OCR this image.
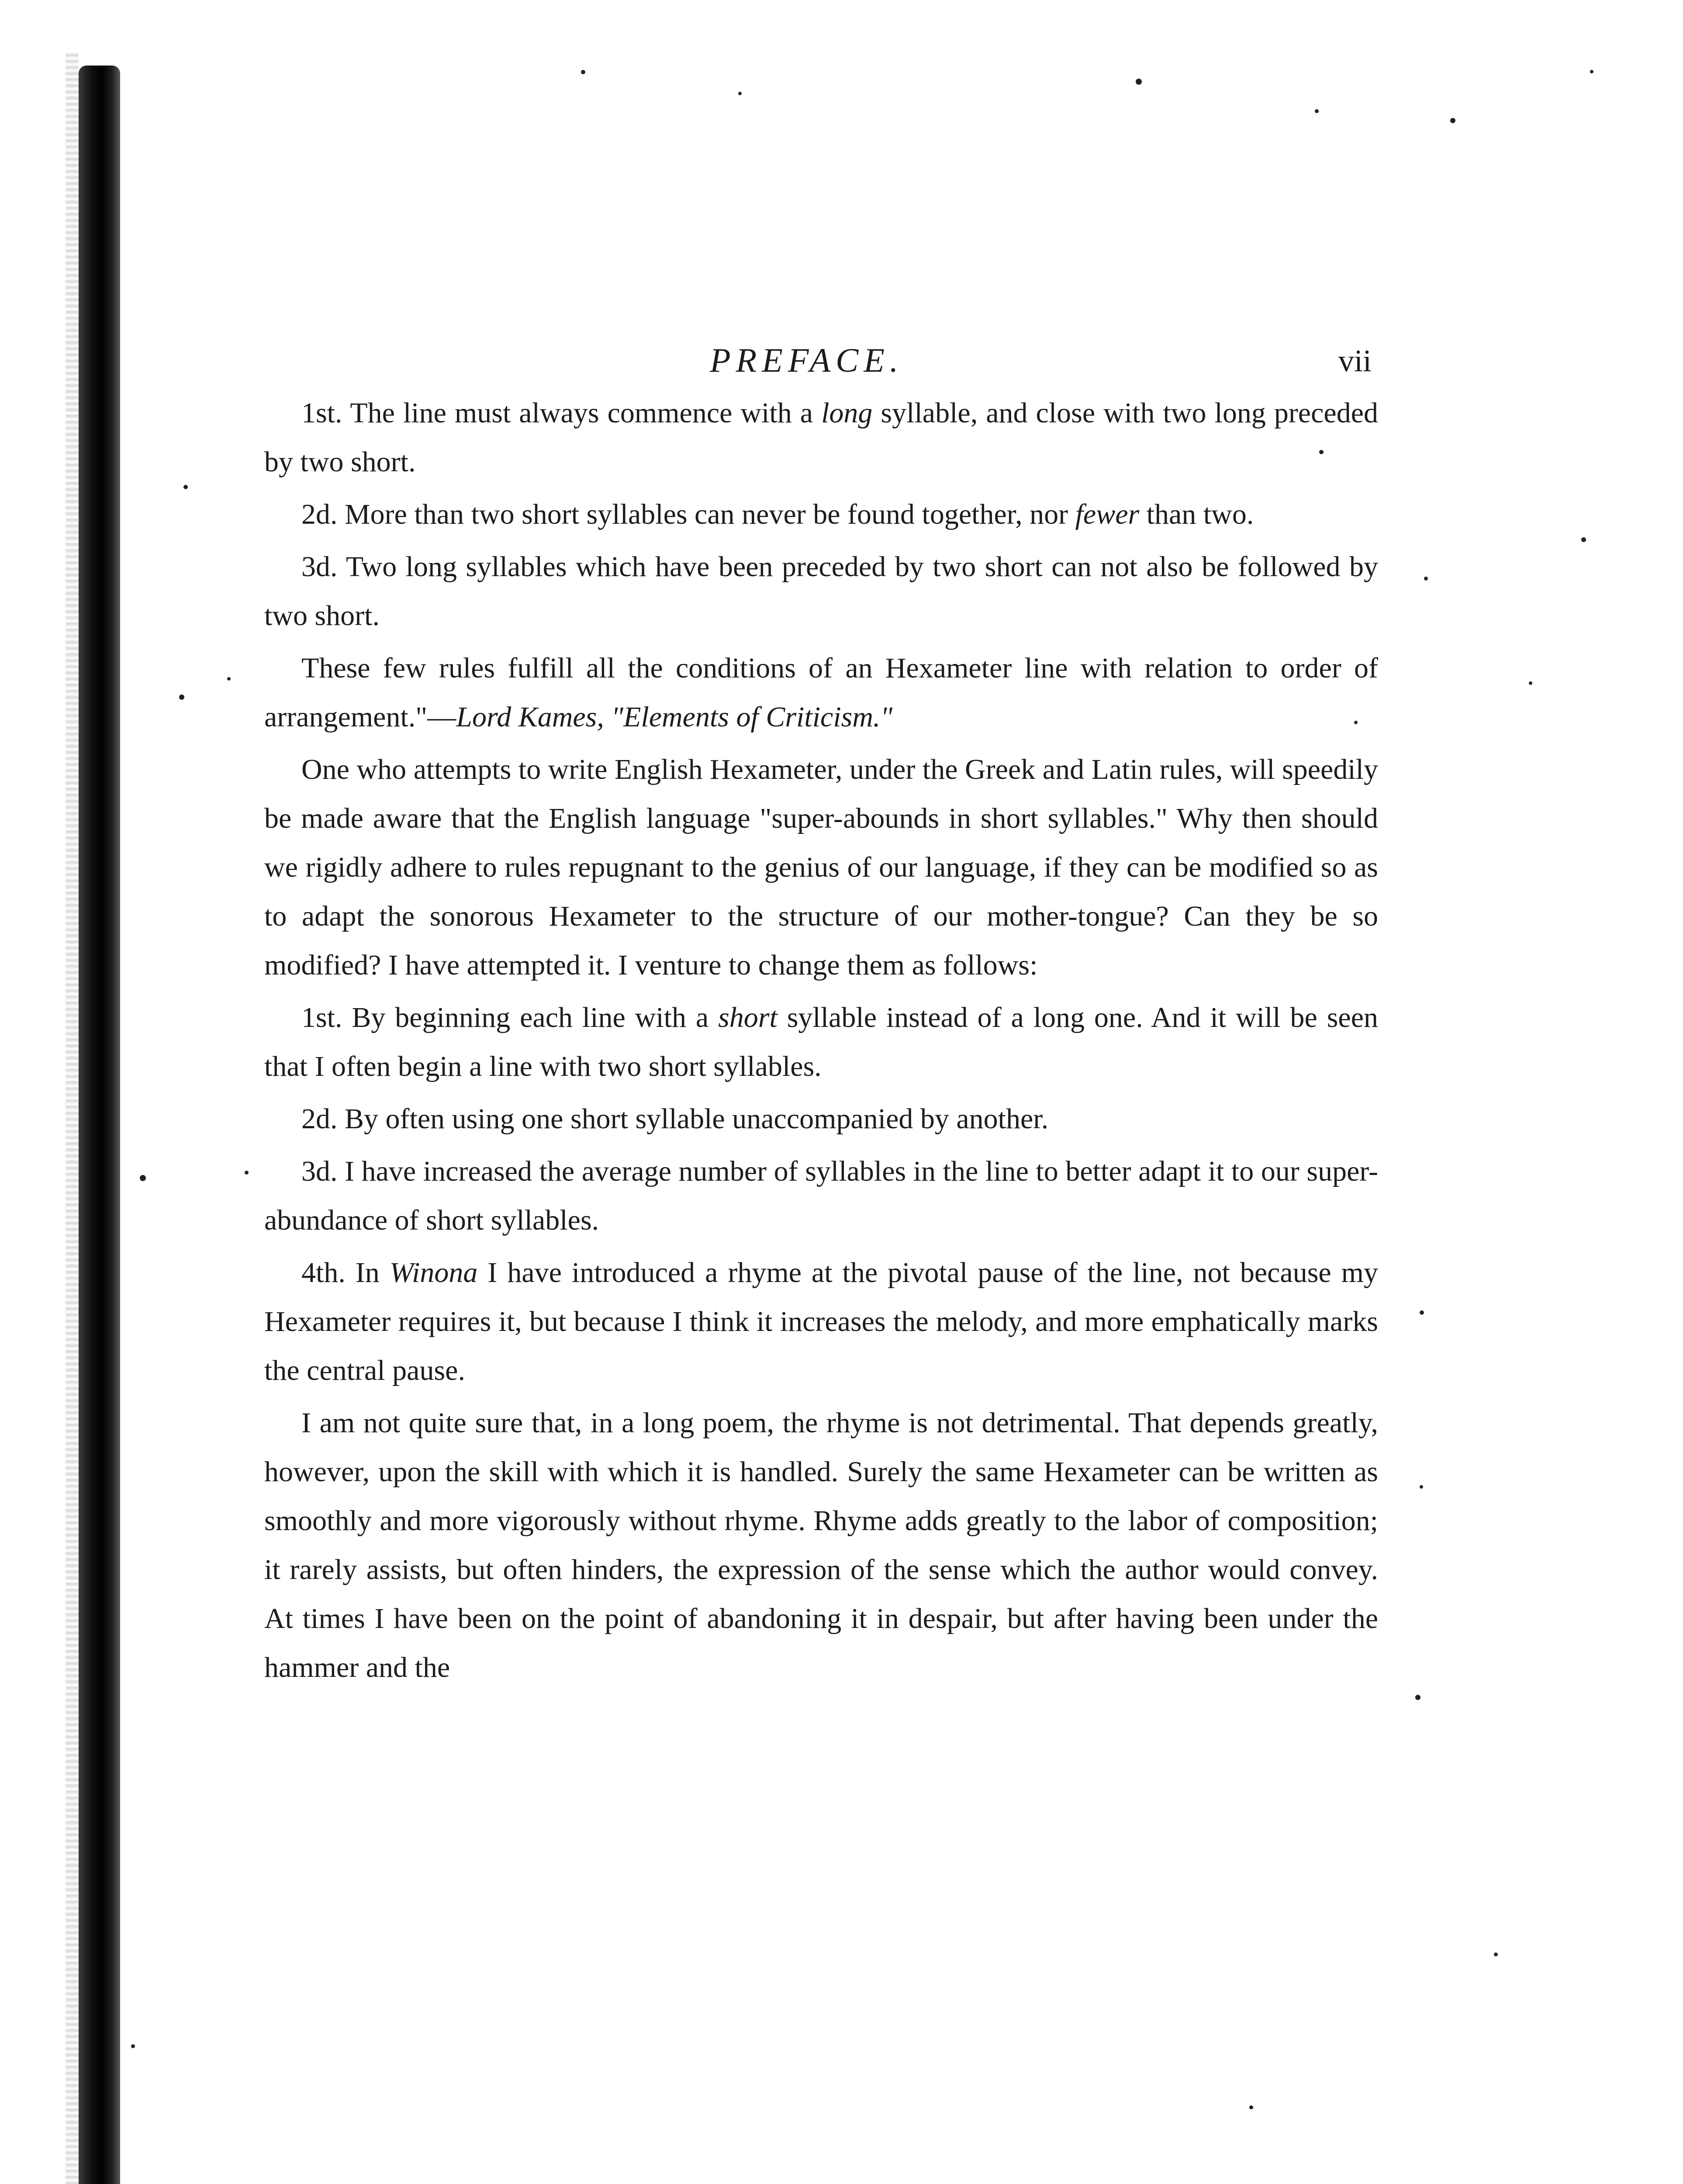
PREFACE.	vii

1st. The line must always commence with a long syllable, and close with two long preceded by two short.

2d. More than two short syllables can never be found together, nor fewer than two.

3d. Two long syllables which have been preceded by two short can not also be followed by two short.

These few rules fulfill all the conditions of an Hexameter line with relation to order of arrangement."—Lord Kames, "Elements of Criticism."

One who attempts to write English Hexameter, under the Greek and Latin rules, will speedily be made aware that the English language "super-abounds in short syllables." Why then should we rigidly adhere to rules repugnant to the genius of our language, if they can be modified so as to adapt the sonorous Hexameter to the structure of our mother-tongue? Can they be so modified? I have attempted it. I venture to change them as follows:

1st. By beginning each line with a short syllable instead of a long one. And it will be seen that I often begin a line with two short syllables.

2d. By often using one short syllable unaccompanied by another.

3d. I have increased the average number of syllables in the line to better adapt it to our super-abundance of short syllables.

4th. In Winona I have introduced a rhyme at the pivotal pause of the line, not because my Hexameter requires it, but because I think it increases the melody, and more emphatically marks the central pause.

I am not quite sure that, in a long poem, the rhyme is not detrimental. That depends greatly, however, upon the skill with which it is handled. Surely the same Hexameter can be written as smoothly and more vigorously without rhyme. Rhyme adds greatly to the labor of composition; it rarely assists, but often hinders, the expression of the sense which the author would convey. At times I have been on the point of abandoning it in despair, but after having been under the hammer and the
